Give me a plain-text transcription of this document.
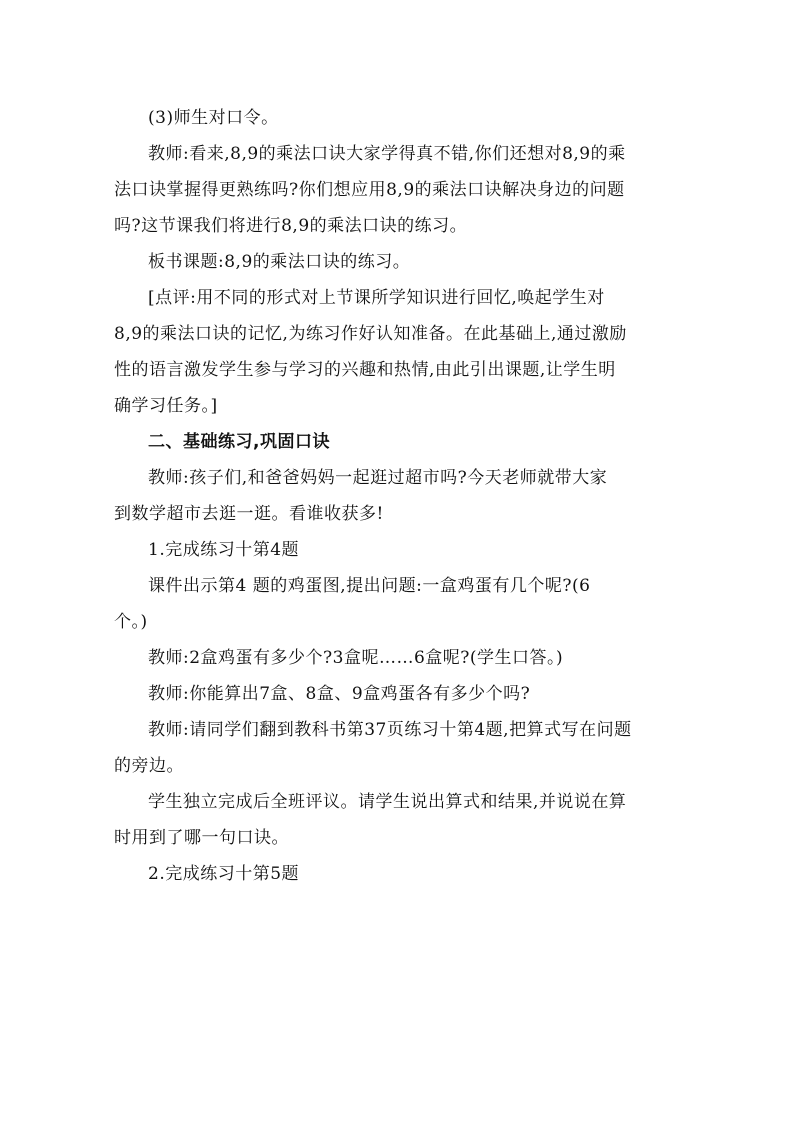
(3)师生对口令。

教师:看来,8,9的乘法口诀大家学得真不错,你们还想对8,9的乘
法口诀掌握得更熟练吗?你们想应用8,9的乘法口诀解决身边的问题
吗?这节课我们将进行8,9的乘法口诀的练习。

板书课题:8,9的乘法口诀的练习。

[点评:用不同的形式对上节课所学知识进行回忆,唤起学生对
8,9的乘法口诀的记忆,为练习作好认知准备。在此基础上,通过激励
性的语言激发学生参与学习的兴趣和热情,由此引出课题,让学生明
确学习任务。]

二、基础练习,巩固口诀

教师:孩子们,和爸爸妈妈一起逛过超市吗?今天老师就带大家
到数学超市去逛一逛。看谁收获多!

1.完成练习十第4题

课件出示第4 题的鸡蛋图,提出问题:一盒鸡蛋有几个呢?(6
个。)

教师:2盒鸡蛋有多少个?3盒呢……6盒呢?(学生口答。)

教师:你能算出7盒、8盒、9盒鸡蛋各有多少个吗?

教师:请同学们翻到教科书第37页练习十第4题,把算式写在问题
的旁边。

学生独立完成后全班评议。请学生说出算式和结果,并说说在算
时用到了哪一句口诀。

2.完成练习十第5题
